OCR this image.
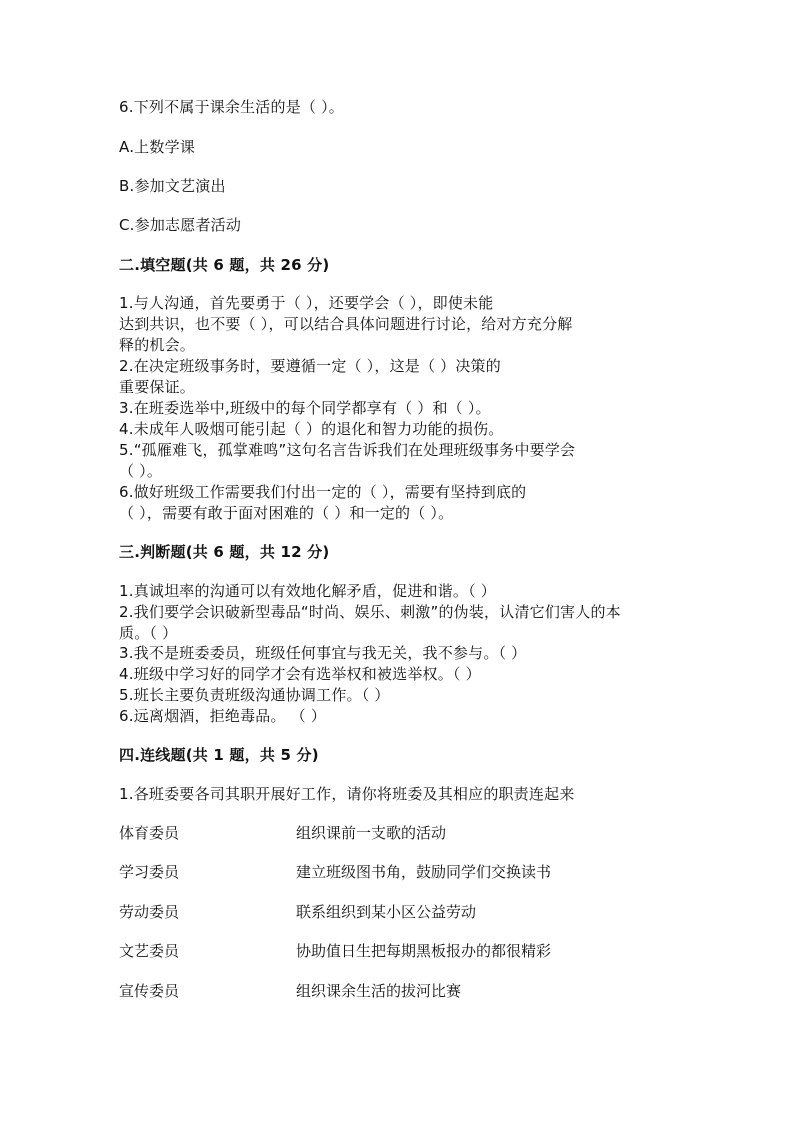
6.下列不属于课余生活的是（ ）。
A.上数学课
B.参加文艺演出
C.参加志愿者活动
二.填空题(共 6 题，共 26 分)
1.与人沟通，首先要勇于（ ），还要学会（ ），即使未能
达到共识，也不要（ ），可以结合具体问题进行讨论，给对方充分解
释的机会。
2.在决定班级事务时，要遵循一定（ ），这是（ ）决策的
重要保证。
3.在班委选举中,班级中的每个同学都享有（ ）和（ ）。
4.未成年人吸烟可能引起（ ）的退化和智力功能的损伤。
5.“孤雁难飞，孤掌难鸣”这句名言告诉我们在处理班级事务中要学会
（ ）。
6.做好班级工作需要我们付出一定的（ ），需要有坚持到底的
（ ），需要有敢于面对困难的（ ）和一定的（ ）。
三.判断题(共 6 题，共 12 分)
1.真诚坦率的沟通可以有效地化解矛盾，促进和谐。（ ）
2.我们要学会识破新型毒品“时尚、娱乐、刺激”的伪装，认清它们害人的本
质。（ ）
3.我不是班委委员，班级任何事宜与我无关，我不参与。（ ）
4.班级中学习好的同学才会有选举权和被选举权。（ ）
5.班长主要负责班级沟通协调工作。（ ）
6.远离烟酒，拒绝毒品。 （ ）
四.连线题(共 1 题，共 5 分)
1.各班委要各司其职开展好工作，请你将班委及其相应的职责连起来
体育委员	组织课前一支歌的活动
学习委员	建立班级图书角，鼓励同学们交换读书
劳动委员	联系组织到某小区公益劳动
文艺委员	协助值日生把每期黑板报办的都很精彩
宣传委员	组织课余生活的拔河比赛
